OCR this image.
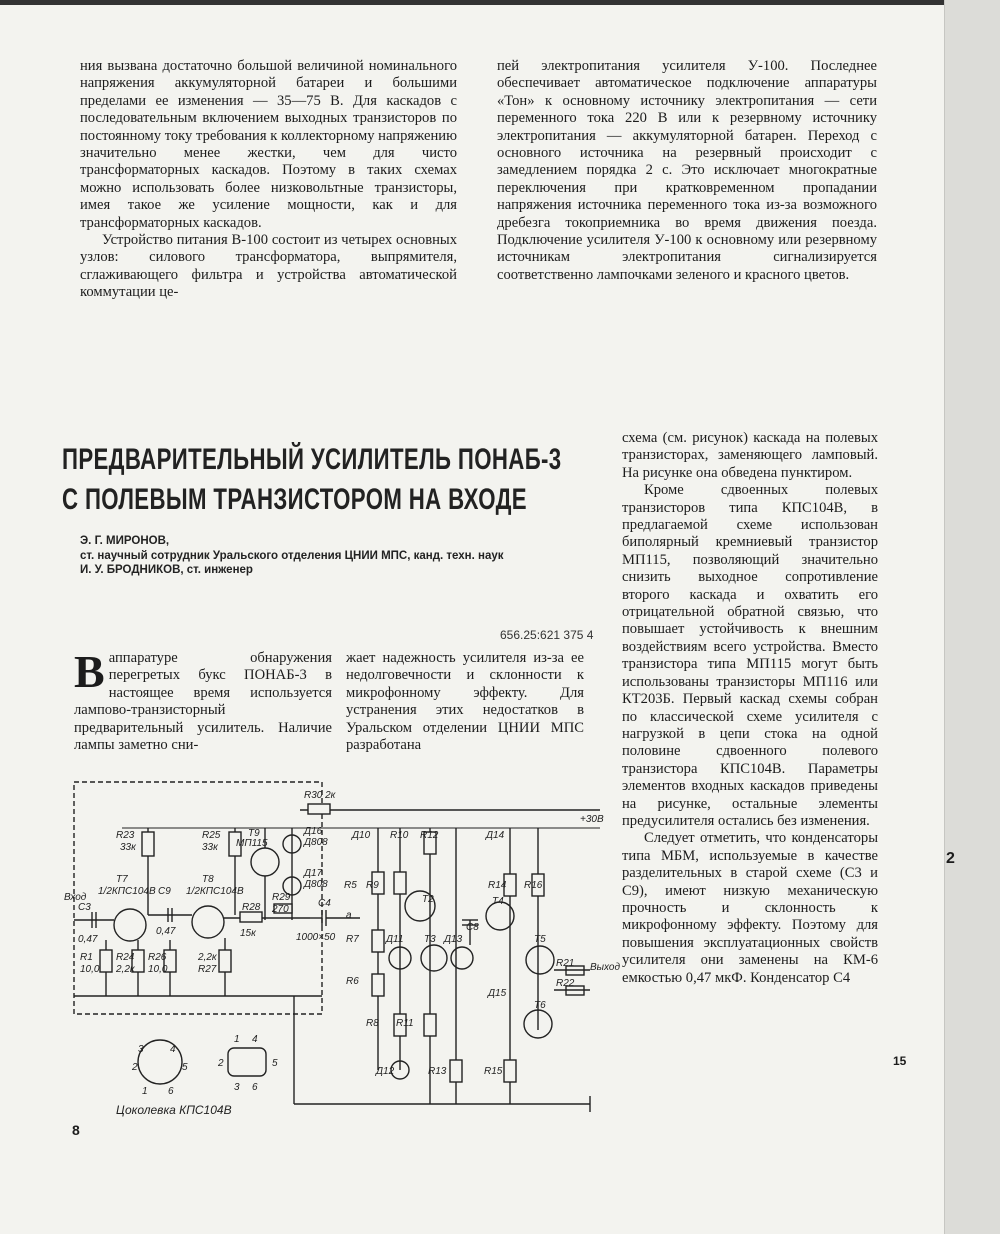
ния вызвана достаточно большой величиной номинального напряжения аккумуляторной батареи и большими пределами ее изменения — 35—75 В. Для каскадов с последовательным включением выходных транзисторов по постоянному току требования к коллекторному напряжению значительно менее жестки, чем для чисто трансформаторных каскадов. Поэтому в таких схемах можно использовать более низковольтные транзисторы, имея такое же усиление мощности, как и для трансформаторных каскадов.

Устройство питания В-100 состоит из четырех основных узлов: силового трансформатора, выпрямителя, сглаживающего фильтра и устройства автоматической коммутации це-

пей электропитания усилителя У-100. Последнее обеспечивает автоматическое подключение аппаратуры «Тон» к основному источнику электропитания — сети переменного тока 220 В или к резервному источнику электропитания — аккумуляторной батарен. Переход с основного источника на резервный происходит с замедлением порядка 2 с. Это исключает многократные переключения при кратковременном пропадании напряжения источника переменного тока из-за возможного дребезга токоприемника во время движения поезда. Подключение усилителя У-100 к основному или резервному источникам электропитания сигнализируется соответственно лампочками зеленого и красного цветов.

ПРЕДВАРИТЕЛЬНЫЙ УСИЛИТЕЛЬ ПОНАБ-3
С ПОЛЕВЫМ ТРАНЗИСТОРОМ НА ВХОДЕ
Э. Г. МИРОНОВ,
ст. научный сотрудник Уральского отделения ЦНИИ МПС, канд. техн. наук
И. У. БРОДНИКОВ, ст. инженер
656.25:621 375 4
В аппаратуре обнаружения перегретых букс ПОНАБ-3 в настоящее время используется лампово-транзисторный предварительный усилитель. Наличие лампы заметно сни-

жает надежность усилителя из-за ее недолговечности и склонности к микрофонному эффекту. Для устранения этих недостатков в Уральском отделении ЦНИИ МПС разработана

схема (см. рисунок) каскада на полевых транзисторах, заменяющего ламповый. На рисунке она обведена пунктиром.

Кроме сдвоенных полевых транзисторов типа КПС104В, в предлагаемой схеме использован биполярный кремниевый транзистор МП115, позволяющий значительно снизить выходное сопротивление второго каскада и охватить его отрицательной обратной связью, что повышает устойчивость к внешним воздействиям всего устройства. Вместо транзистора типа МП115 могут быть использованы транзисторы МП116 или КТ203Б. Первый каскад схемы собран по классической схеме усилителя с нагрузкой в цепи стока на одной половине сдвоенного полевого транзистора КПС104В. Параметры элементов входных каскадов приведены на рисунке, остальные элементы предусилителя остались без изменения.

Следует отметить, что конденсаторы типа МБМ, используемые в качестве разделительных в старой схеме (С3 и С9), имеют низкую механическую прочность и склонность к микрофонному эффекту. Поэтому для повышения эксплуатационных свойств усилителя они заменены на КМ-6 емкостью 0,47 мкФ. Конденсатор С4

R30 2к
+30В
R23
33к
R25
33к
T9
МП115
Д16
Д808
Д17
Д808
T7
1/2КПС104В C9
T8
1/2КПС104В
C3
0,47
0,47
Вход
R28
15к
R29
270
C4
1000×50
R1
10,0
R24
2,2к
R26
10,0
2,2к
R27
Д10 R10 R12	Д14
R5 R9
а
T2
C8
R14 R16
T4
R7	Д11 T3 Д13	T5
R6
R21
R22
Выход
Д15
T6
R8 R11
Д12	R13	R15
3	4
2	5
1 6
1 4
3 6
2	5
Цоколевка КПС104В
8
15
2
